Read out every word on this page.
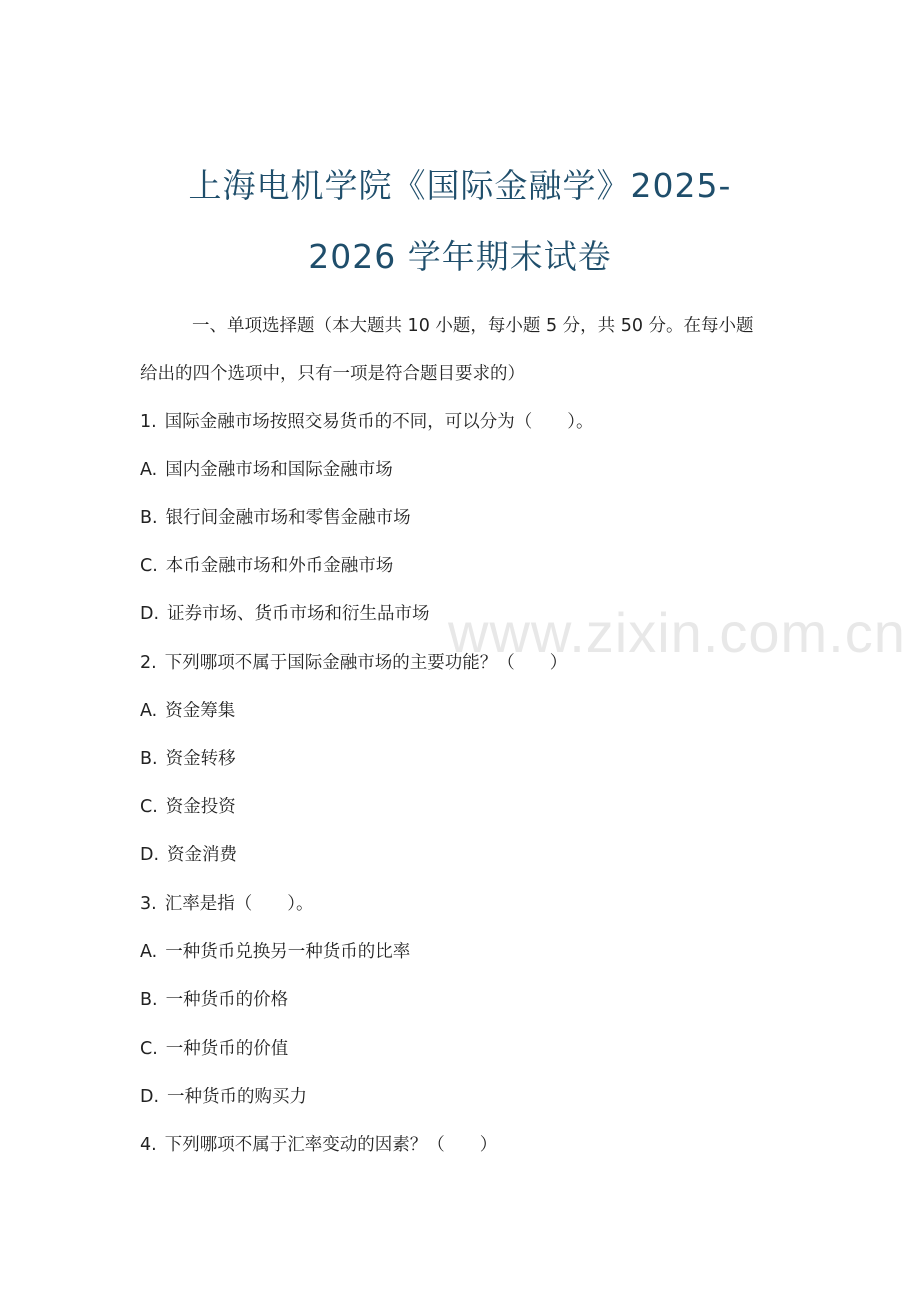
上海电机学院《国际金融学》2025-
2026 学年期末试卷
一、单项选择题（本大题共 10 小题，每小题 5 分，共 50 分。在每小题
给出的四个选项中，只有一项是符合题目要求的）
1. 国际金融市场按照交易货币的不同，可以分为（　　）。
A. 国内金融市场和国际金融市场
B. 银行间金融市场和零售金融市场
C. 本币金融市场和外币金融市场
D. 证券市场、货币市场和衍生品市场
2. 下列哪项不属于国际金融市场的主要功能？（　　）
A. 资金筹集
B. 资金转移
C. 资金投资
D. 资金消费
3. 汇率是指（　　）。
A. 一种货币兑换另一种货币的比率
B. 一种货币的价格
C. 一种货币的价值
D. 一种货币的购买力
4. 下列哪项不属于汇率变动的因素？（　　）
www.zixin.com.cn
